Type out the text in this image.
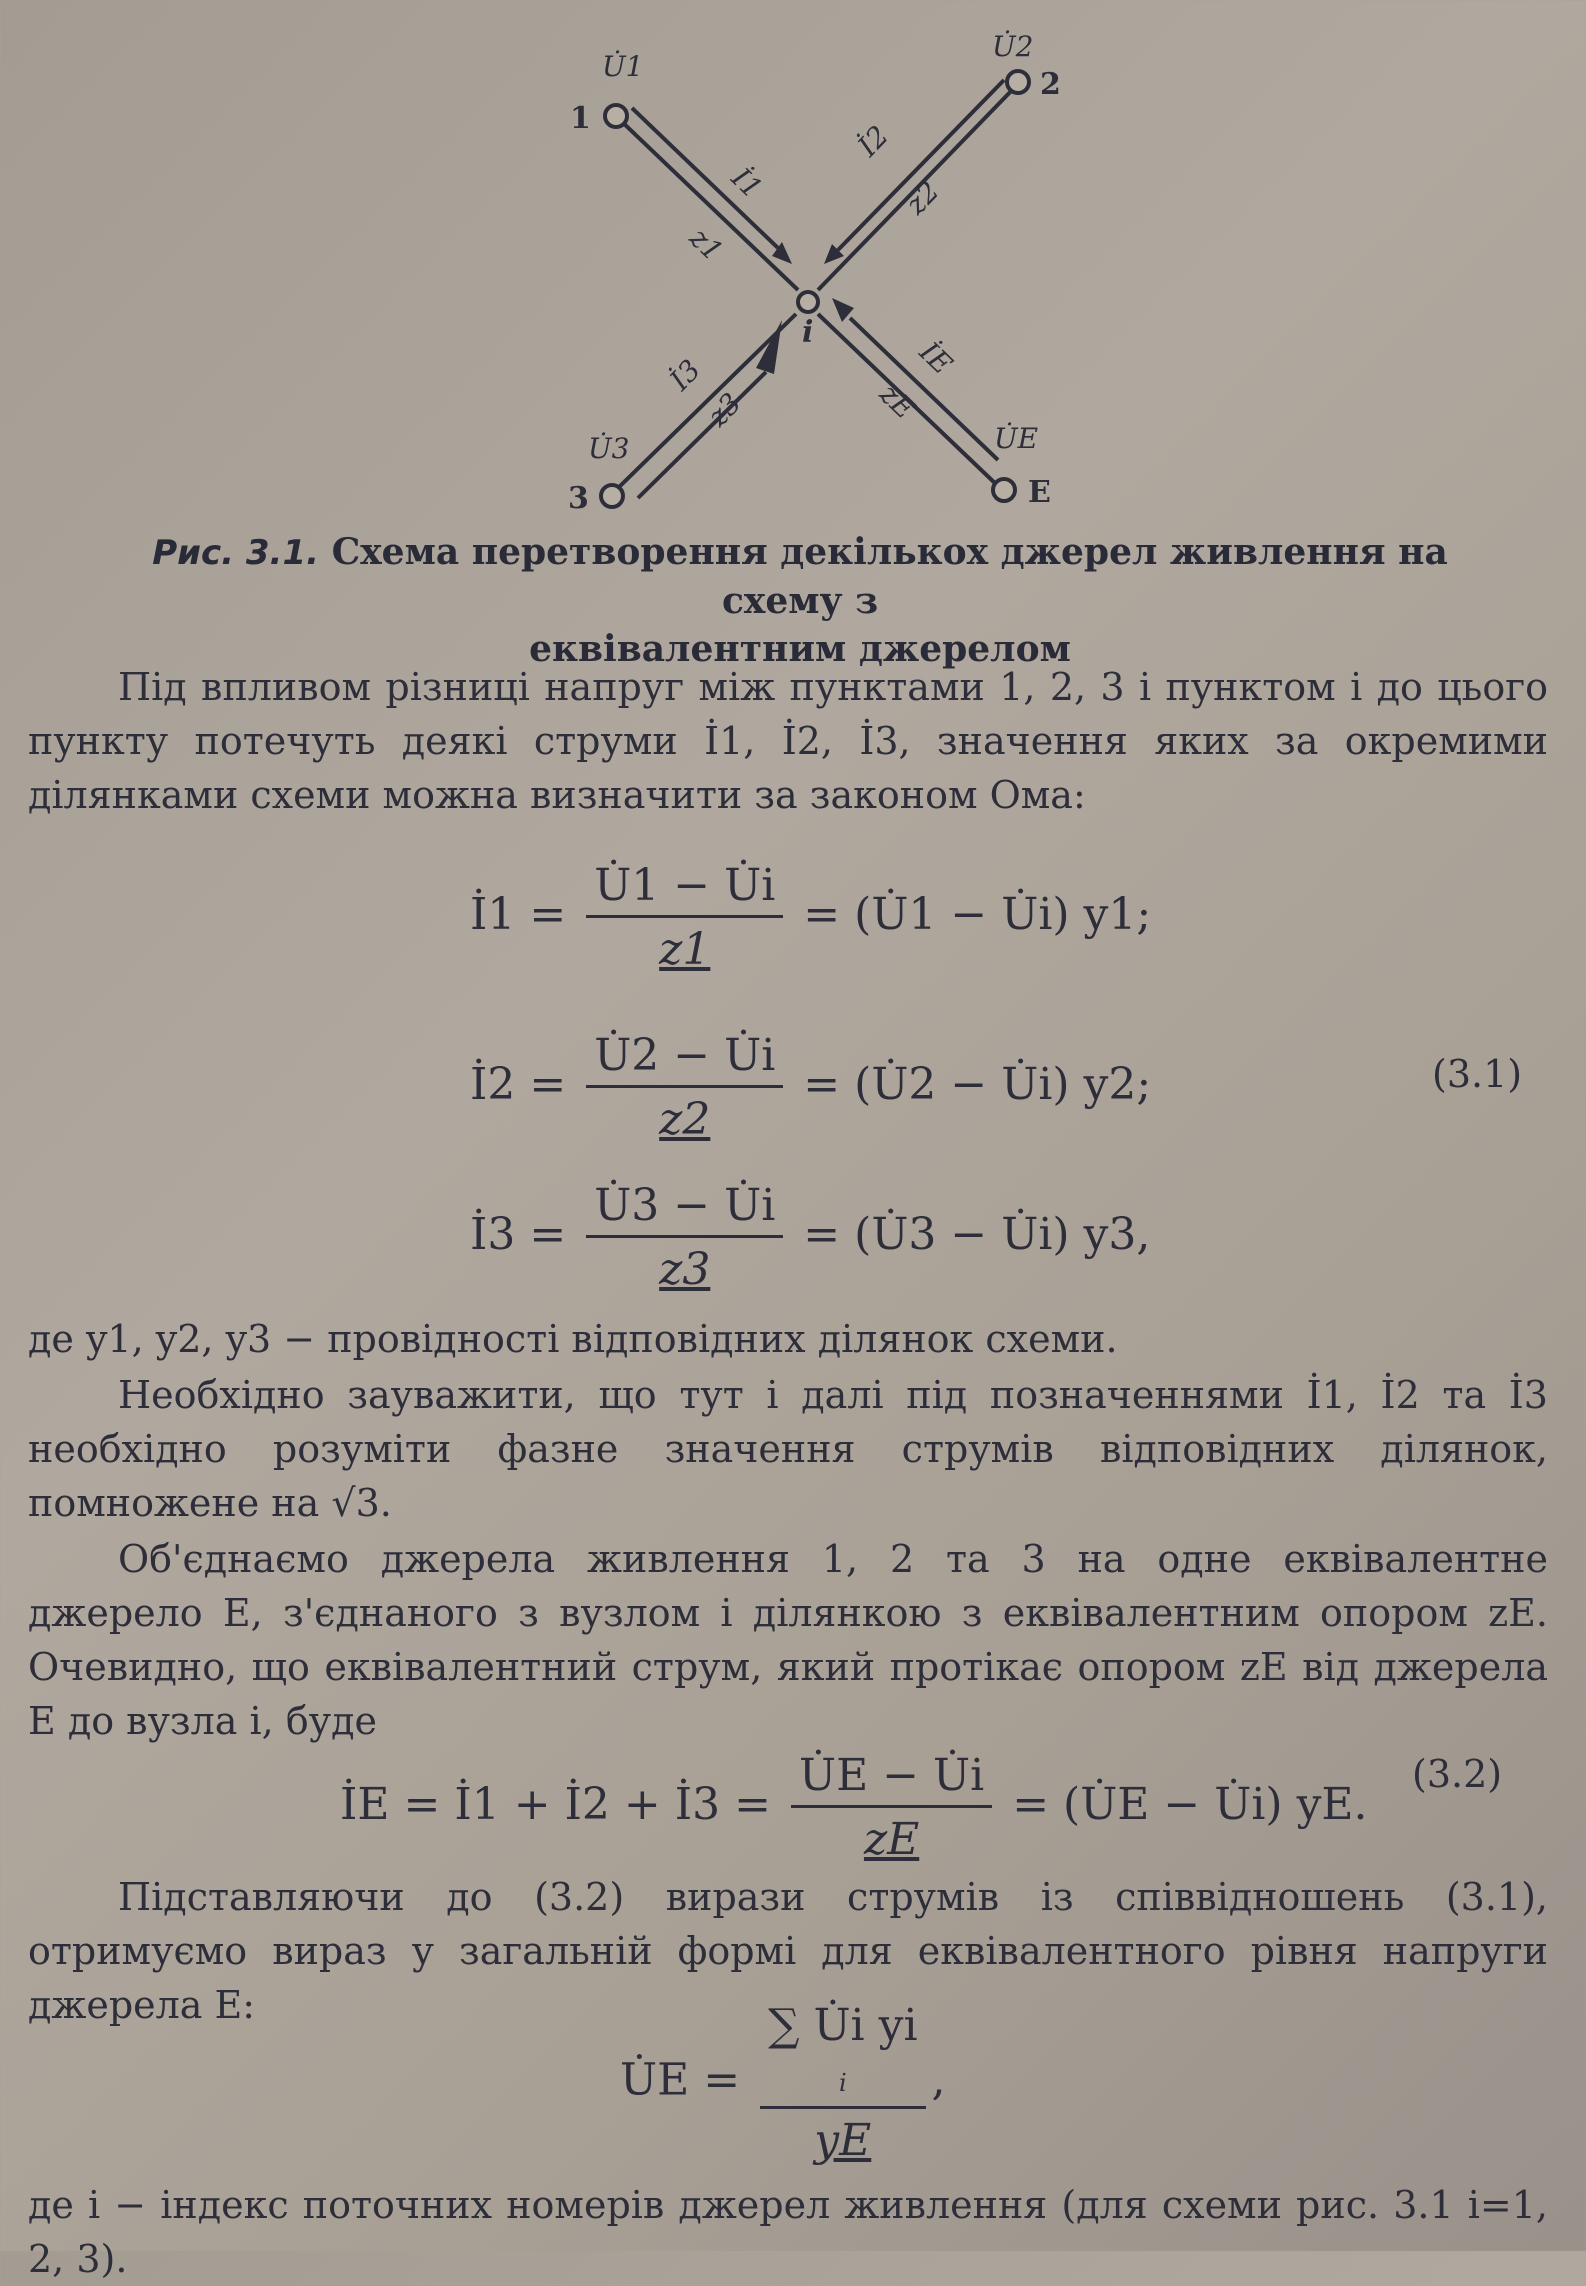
1
2
3	E
i
U̇1
U̇2
U̇3	U̇E
İ1
İ2
İ3	İE
z1
z2
z3	zE
Рис. 3.1. Схема перетворення декількох джерел живлення на схему з
еквівалентним джерелом

Під впливом різниці напруг між пунктами 1, 2, 3 і пунктом i до цього пункту потечуть деякі струми İ1, İ2, İ3, значення яких за окремими ділянками схеми можна визначити за законом Ома:

İ1 = $\frac{U̇1 - U̇i}{z1}$ = (U̇1 − U̇i) y1;
İ2 = $\frac{U̇2 - U̇i}{z2}$ = (U̇2 − U̇i) y2;	(3.1)
İ3 = $\frac{U̇3 - U̇i}{z3}$ = (U̇3 − U̇i) y3,

де y1, y2, y3 − провідності відповідних ділянок схеми.

Необхідно зауважити, що тут і далі під позначеннями İ1, İ2 та İ3 необхідно розуміти фазне значення струмів відповідних ділянок, помножене на √3.

Об'єднаємо джерела живлення 1, 2 та 3 на одне еквівалентне джерело E, з'єднаного з вузлом i ділянкою з еквівалентним опором zE. Очевидно, що еквівалентний струм, який протікає опором zE від джерела E до вузла i, буде

İE = İ1 + İ2 + İ3 = $\frac{U̇E - U̇i}{zE}$ = (U̇E − U̇i) yE.
(3.2)

Підставляючи до (3.2) вирази струмів із співвідношень (3.1), отримуємо вираз у загальній формі для еквівалентного рівня напруги джерела E:

U̇E =
∑ U̇i yi
i
yE
,

де i − індекс поточних номерів джерел живлення (для схеми рис. 3.1 i=1, 2, 3).
